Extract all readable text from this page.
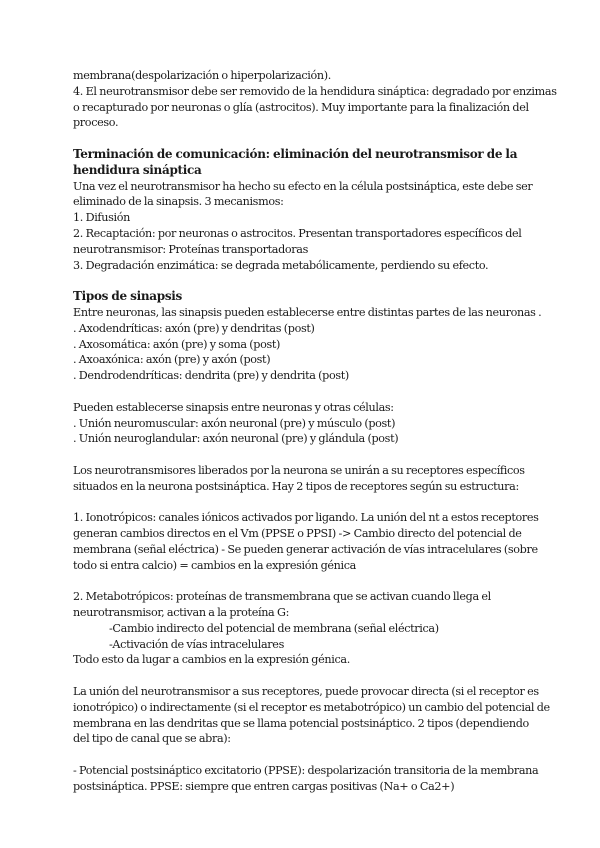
membrana(despolarización o hiperpolarización).
4. El neurotransmisor debe ser removido de la hendidura sináptica: degradado por enzimas
o recapturado por neuronas o glía (astrocitos). Muy importante para la finalización del
proceso.
Terminación de comunicación: eliminación del neurotransmisor de la
hendidura sináptica
Una vez el neurotransmisor ha hecho su efecto en la célula postsináptica, este debe ser
eliminado de la sinapsis. 3 mecanismos:
1. Difusión
2. Recaptación: por neuronas o astrocitos. Presentan transportadores específicos del
neurotransmisor: Proteínas transportadoras
3. Degradación enzimática: se degrada metabólicamente, perdiendo su efecto.
Tipos de sinapsis
Entre neuronas, las sinapsis pueden establecerse entre distintas partes de las neuronas .
. Axodendríticas: axón (pre) y dendritas (post)
. Axosomática: axón (pre) y soma (post)
. Axoaxónica: axón (pre) y axón (post)
. Dendrodendríticas: dendrita (pre) y dendrita (post)
Pueden establecerse sinapsis entre neuronas y otras células:
. Unión neuromuscular: axón neuronal (pre) y músculo (post)
. Unión neuroglandular: axón neuronal (pre) y glándula (post)
Los neurotransmisores liberados por la neurona se unirán a su receptores específicos
situados en la neurona postsináptica. Hay 2 tipos de receptores según su estructura:
1. Ionotrópicos: canales iónicos activados por ligando. La unión del nt a estos receptores
generan cambios directos en el Vm (PPSE o PPSI) -> Cambio directo del potencial de
membrana (señal eléctrica) - Se pueden generar activación de vías intracelulares (sobre
todo si entra calcio) = cambios en la expresión génica
2. Metabotrópicos: proteínas de transmembrana que se activan cuando llega el
neurotransmisor, activan a la proteína G:
-Cambio indirecto del potencial de membrana (señal eléctrica)
-Activación de vías intracelulares
Todo esto da lugar a cambios en la expresión génica.
La unión del neurotransmisor a sus receptores, puede provocar directa (si el receptor es
ionotrópico) o indirectamente (si el receptor es metabotrópico) un cambio del potencial de
membrana en las dendritas que se llama potencial postsináptico. 2 tipos (dependiendo
del tipo de canal que se abra):
- Potencial postsináptico excitatorio (PPSE): despolarización transitoria de la membrana
postsináptica. PPSE: siempre que entren cargas positivas (Na+ o Ca2+)
